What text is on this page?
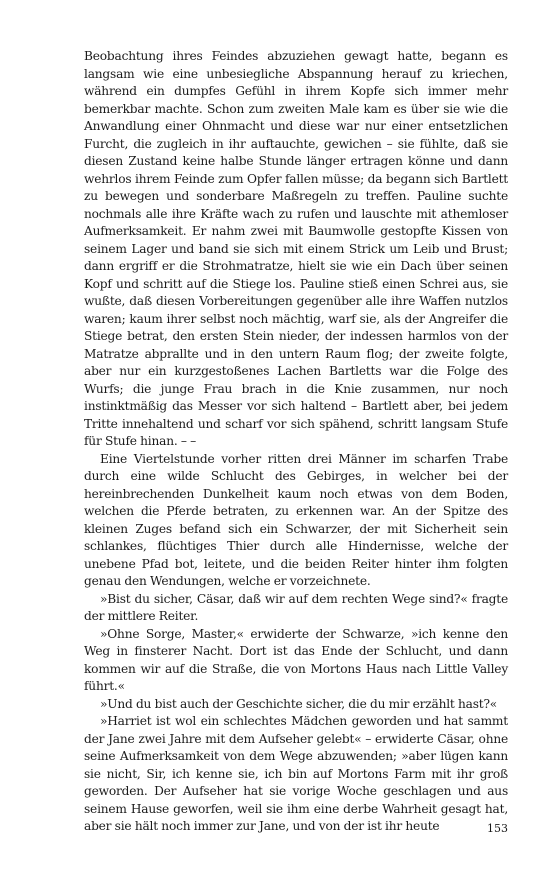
Beobachtung ihres Feindes abzuziehen gewagt hatte, begann es langsam wie eine unbesiegliche Abspannung herauf zu kriechen, während ein dumpfes Gefühl in ihrem Kopfe sich immer mehr bemerkbar machte. Schon zum zweiten Male kam es über sie wie die Anwandlung einer Ohnmacht und diese war nur einer entsetzlichen Furcht, die zugleich in ihr auftauchte, gewichen – sie fühlte, daß sie diesen Zustand keine halbe Stunde länger ertragen könne und dann wehrlos ihrem Feinde zum Opfer fallen müsse; da begann sich Bartlett zu bewegen und sonderbare Maßregeln zu treffen. Pauline suchte nochmals alle ihre Kräfte wach zu rufen und lauschte mit athemloser Aufmerksamkeit. Er nahm zwei mit Baumwolle gestopfte Kissen von seinem Lager und band sie sich mit einem Strick um Leib und Brust; dann ergriff er die Strohmatratze, hielt sie wie ein Dach über seinen Kopf und schritt auf die Stiege los. Pauline stieß einen Schrei aus, sie wußte, daß diesen Vorbereitungen gegenüber alle ihre Waffen nutzlos waren; kaum ihrer selbst noch mächtig, warf sie, als der Angreifer die Stiege betrat, den ersten Stein nieder, der indessen harmlos von der Matratze abprallte und in den untern Raum flog; der zweite folgte, aber nur ein kurzgestoßenes Lachen Bartletts war die Folge des Wurfs; die junge Frau brach in die Knie zusammen, nur noch instinktmäßig das Messer vor sich haltend – Bartlett aber, bei jedem Tritte innehaltend und scharf vor sich spähend, schritt langsam Stufe für Stufe hinan. – –

Eine Viertelstunde vorher ritten drei Männer im scharfen Trabe durch eine wilde Schlucht des Gebirges, in welcher bei der hereinbrechenden Dunkelheit kaum noch etwas von dem Boden, welchen die Pferde betraten, zu erkennen war. An der Spitze des kleinen Zuges befand sich ein Schwarzer, der mit Sicherheit sein schlankes, flüchtiges Thier durch alle Hindernisse, welche der unebene Pfad bot, leitete, und die beiden Reiter hinter ihm folgten genau den Wendungen, welche er vorzeichnete.

»Bist du sicher, Cäsar, daß wir auf dem rechten Wege sind?« fragte der mittlere Reiter.

»Ohne Sorge, Master,« erwiderte der Schwarze, »ich kenne den Weg in finsterer Nacht. Dort ist das Ende der Schlucht, und dann kommen wir auf die Straße, die von Mortons Haus nach Little Valley führt.«

»Und du bist auch der Geschichte sicher, die du mir erzählt hast?«

»Harriet ist wol ein schlechtes Mädchen geworden und hat sammt der Jane zwei Jahre mit dem Aufseher gelebt« – erwiderte Cäsar, ohne seine Aufmerksamkeit von dem Wege abzuwenden; »aber lügen kann sie nicht, Sir, ich kenne sie, ich bin auf Mortons Farm mit ihr groß geworden. Der Aufseher hat sie vorige Woche geschlagen und aus seinem Hause geworfen, weil sie ihm eine derbe Wahrheit gesagt hat, aber sie hält noch immer zur Jane, und von der ist ihr heute	153
